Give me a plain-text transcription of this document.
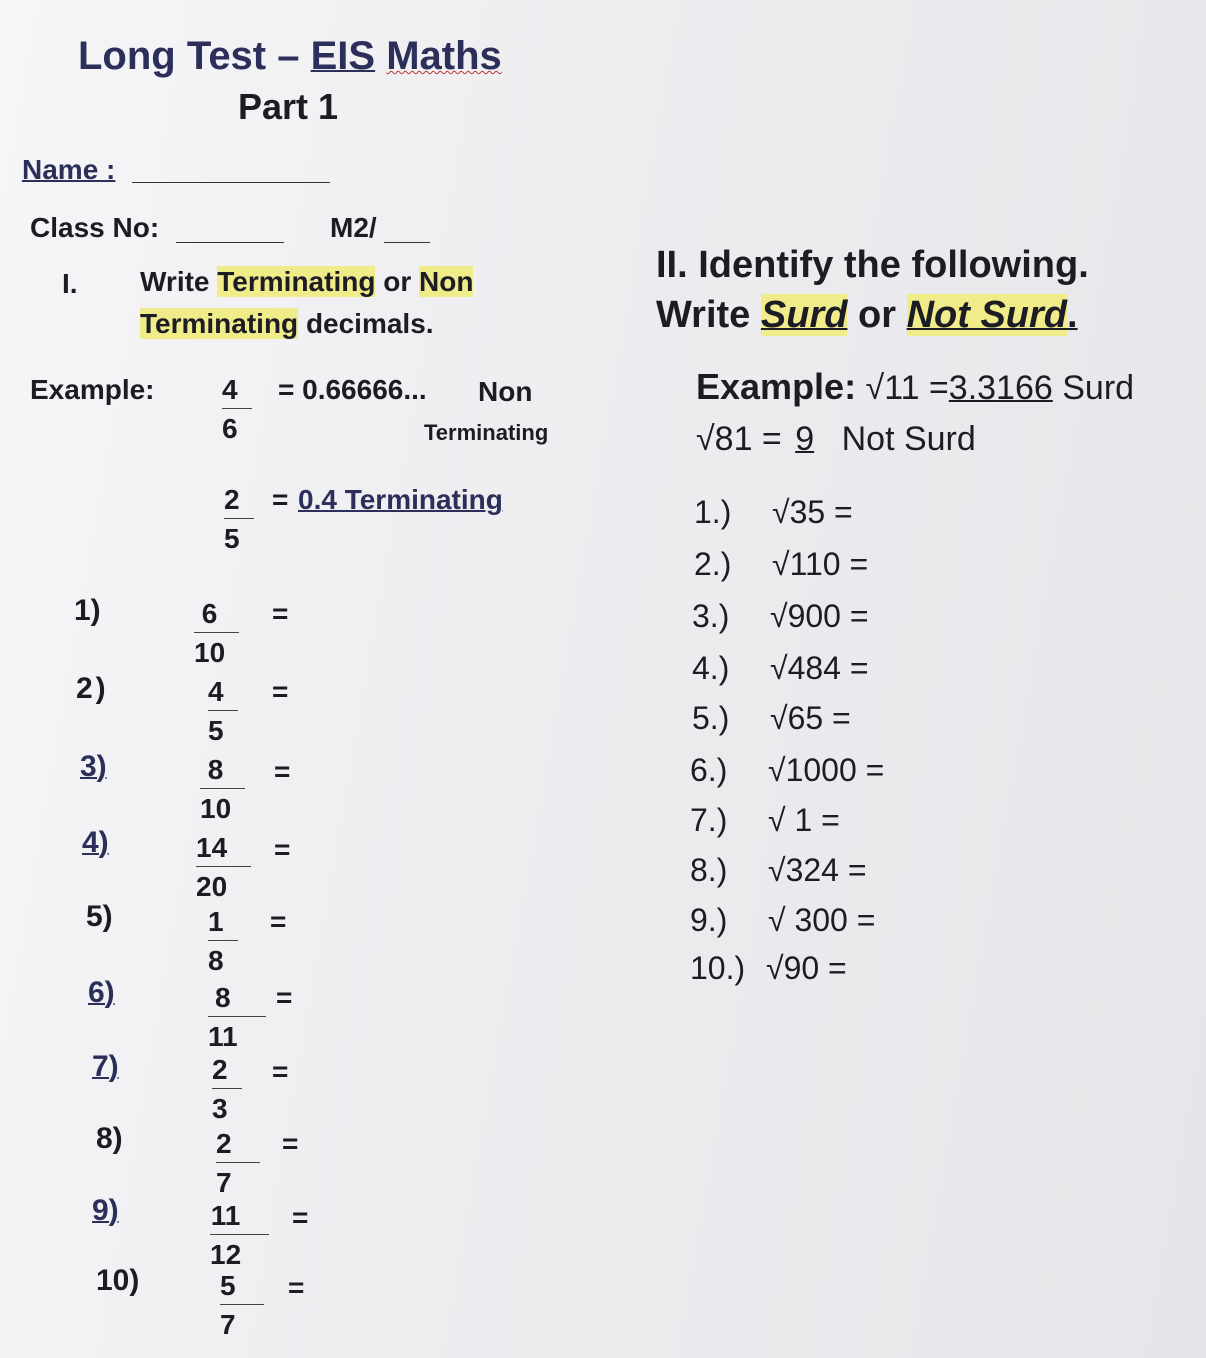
Long Test – EIS Maths
Part 1
Name :
Class No:	M2/
I. Write Terminating or Non
Terminating decimals.
Example: $\frac{4}{6} = 0.66666$... Non
Terminating
$\frac{2}{5} = 0.4$ Terminating
1)	$\frac{6}{10}$ =
2)	$\frac{4}{5}$ =
3)	$\frac{8}{10}$ =
4)	$\frac{14}{20}$ =
5)	$\frac{1}{8}$ =
6)	$\frac{8}{11}$ =
7)	$\frac{2}{3}$ =
8)	$\frac{2}{7}$ =
9)	$\frac{11}{12}$ =
10)	$\frac{5}{7}$ =
II. Identify the following.
Write Surd or Not Surd.
Example: √11 =3.3166 Surd
√81 = 9 Not Surd
1.) √35 =
2.) √110 =
3.) √900 =
4.) √484 =
5.) √65 =
6.) √1000 =
7.) √ 1 =
8.) √324 =
9.) √ 300 =
10.) √90 =
